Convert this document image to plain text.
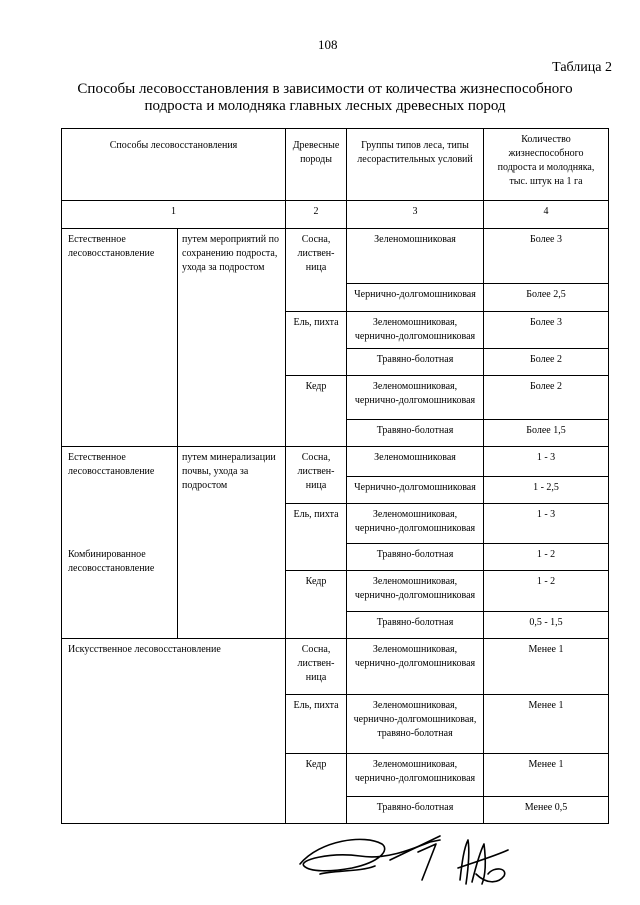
108
Таблица 2
Способы лесовосстановления в зависимости от количества жизнеспособного подроста и молодняка главных лесных древесных пород
Способы лесовосстановления		Древесные породы	Группы типов леса, типы лесорастительных условий	Количество жизнеспособного подроста и молодняка, тыс. штук на 1 га
1		2	3	4
Естественное лесовосстановление	путем мероприятий по сохранению подроста, ухода за подростом	Сосна, листвен-ница	Зеленомошниковая	Более 3
			Чернично-долгомошниковая	Более 2,5
		Ель, пихта	Зеленомошниковая, чернично-долгомошниковая	Более 3
			Травяно-болотная	Более 2
		Кедр	Зеленомошниковая, чернично-долгомошниковая	Более 2
			Травяно-болотная	Более 1,5
Естественное лесовосстановление	путем минерализации почвы, ухода за подростом	Сосна, листвен-ница	Зеленомошниковая	1 - 3
			Чернично-долгомошниковая	1 - 2,5
		Ель, пихта	Зеленомошниковая, чернично-долгомошниковая	1 - 3
Комбинированное лесовосстановление			Травяно-болотная	1 - 2
		Кедр	Зеленомошниковая, чернично-долгомошниковая	1 - 2
			Травяно-болотная	0,5 - 1,5
Искусственное лесовосстановление		Сосна, листвен-ница	Зеленомошниковая, чернично-долгомошниковая	Менее 1
		Ель, пихта	Зеленомошниковая, чернично-долгомошниковая, травяно-болотная	Менее 1
		Кедр	Зеленомошниковая, чернично-долгомошниковая	Менее 1
			Травяно-болотная	Менее 0,5
